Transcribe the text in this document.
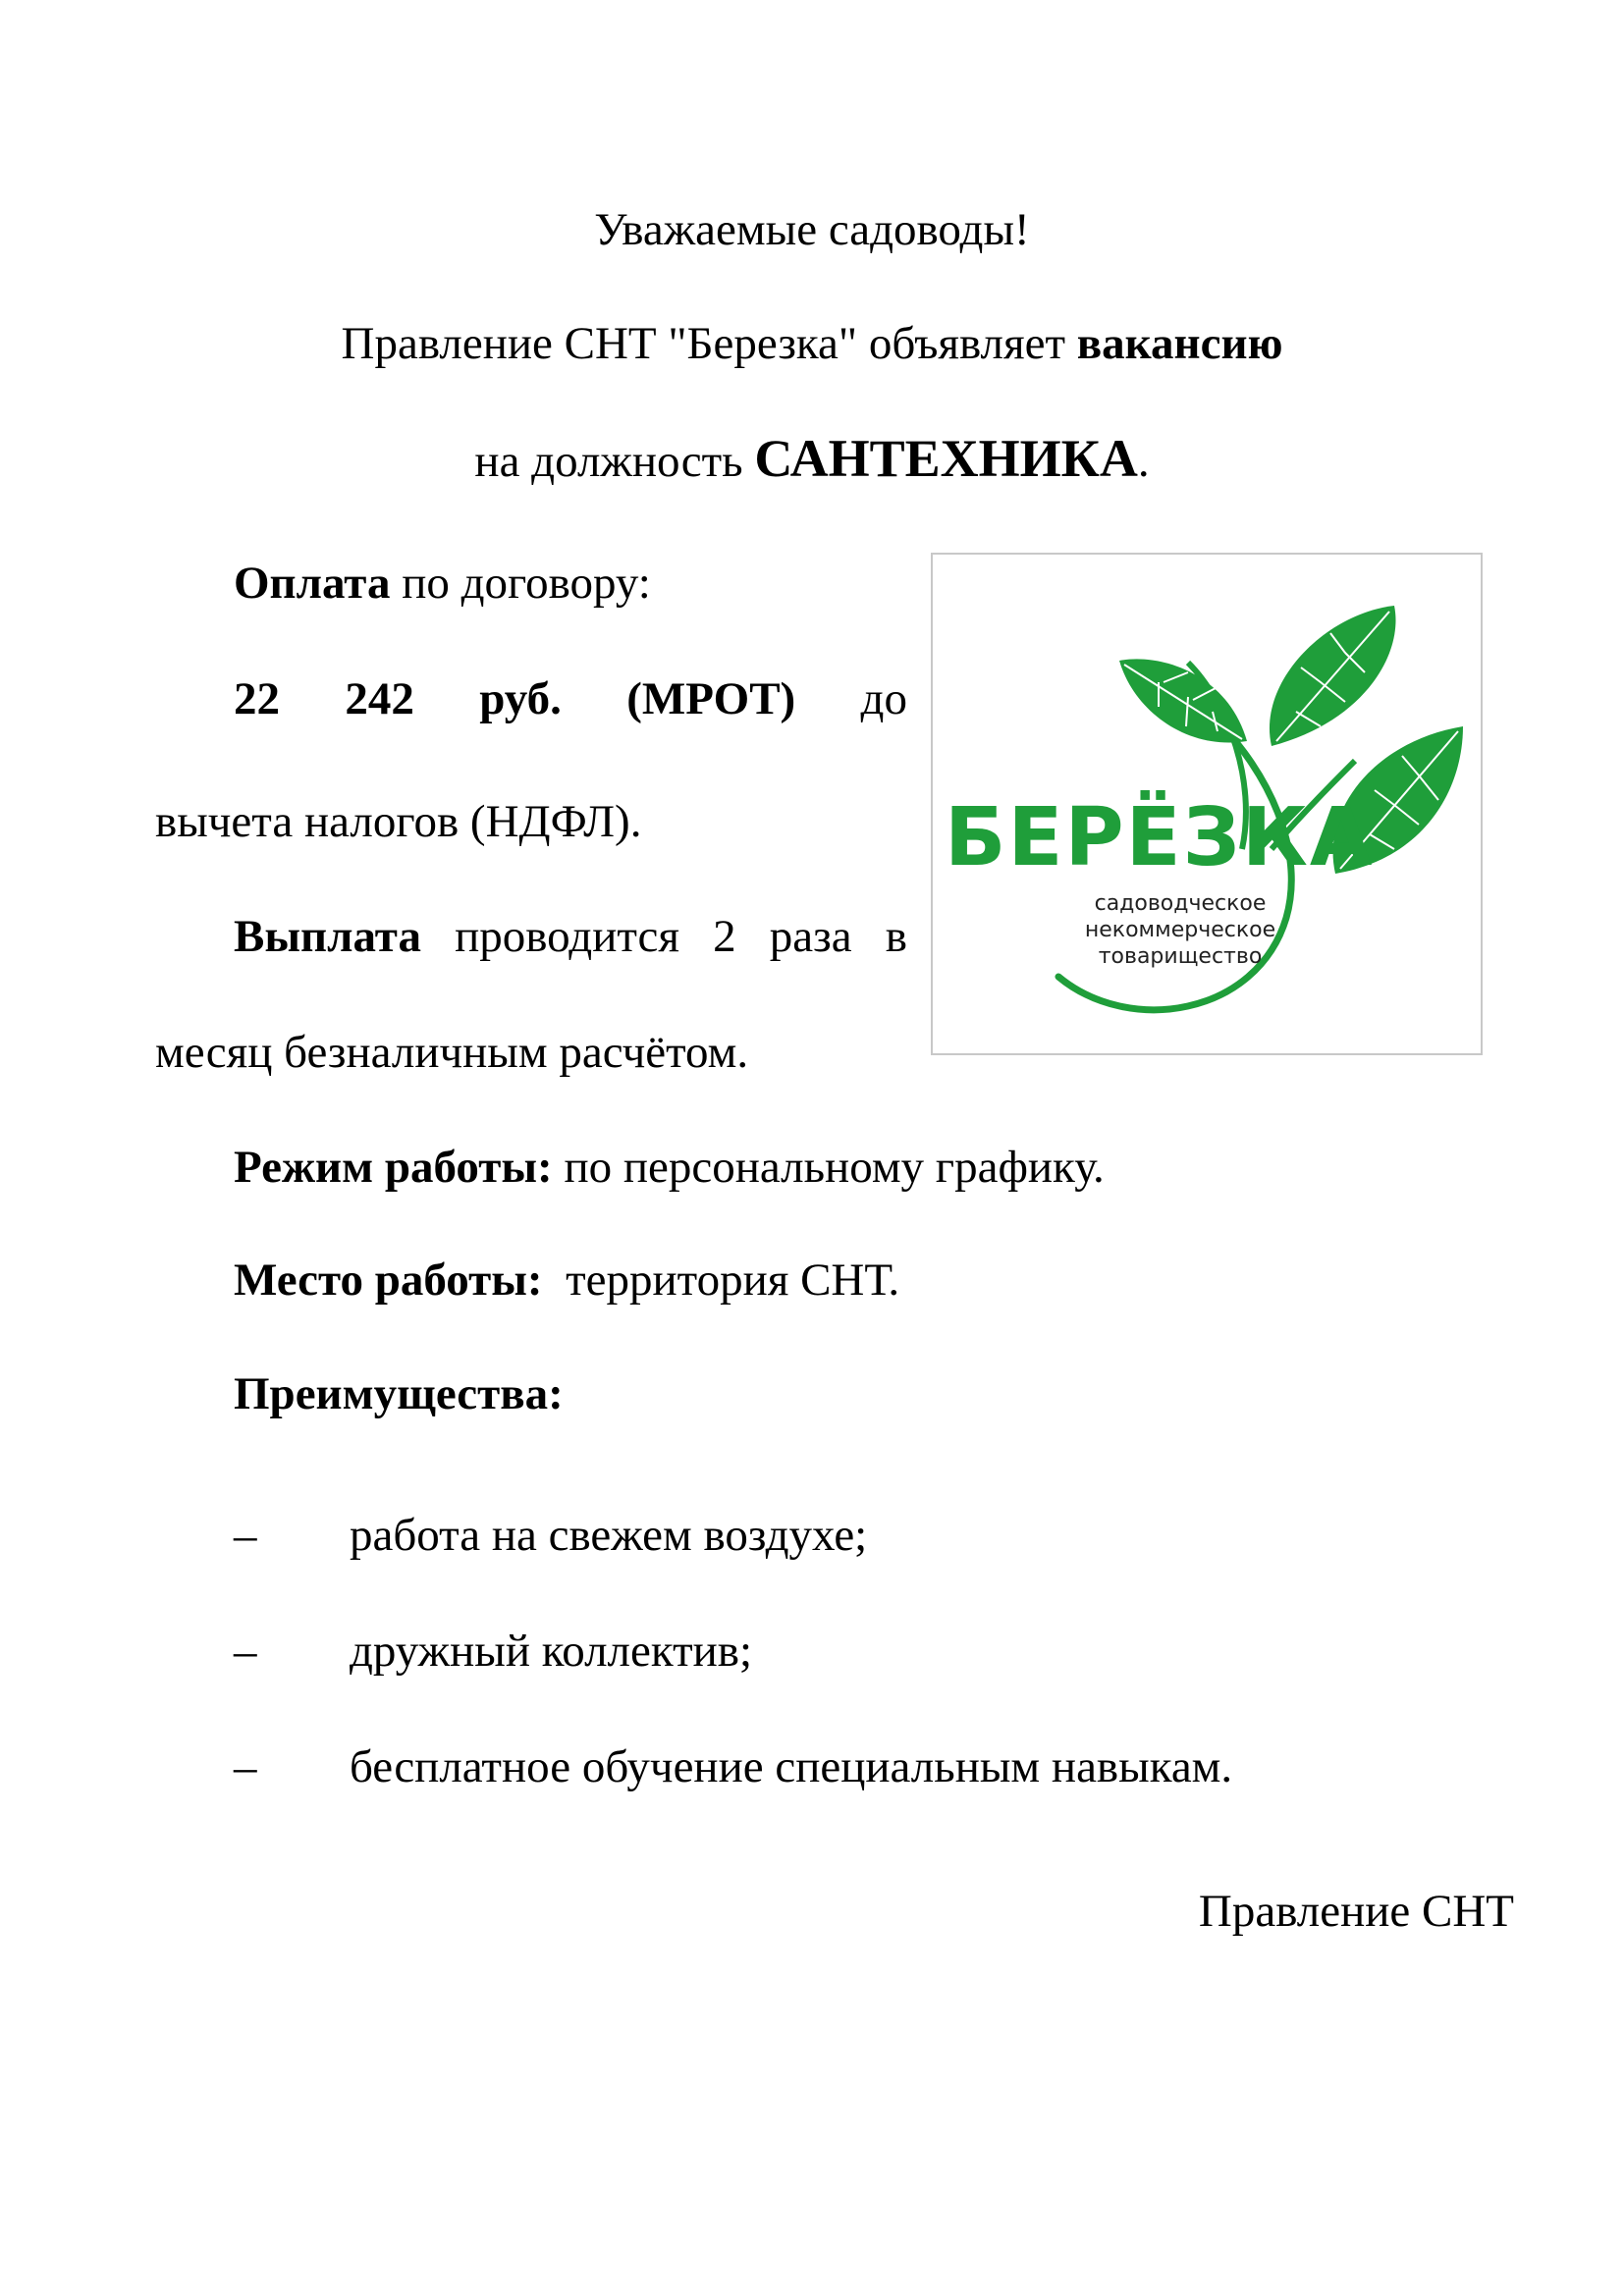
Уважаемые садоводы!
Правление СНТ "Березка" объявляет вакансию
на должность САНТЕХНИКА.
Оплата по договору:
22 242 руб. (МРОТ) до
вычета налогов (НДФЛ).
Выплата проводится 2 раза в
месяц безналичным расчётом.
Режим работы: по персональному графику.
Место работы:  территория СНТ.
Преимущества:
– работа на свежем воздухе;
– дружный коллектив;
– бесплатное обучение специальным навыкам.
Правление СНТ
БЕРЁЗКА
садоводческое
некоммерческое
товарищество
